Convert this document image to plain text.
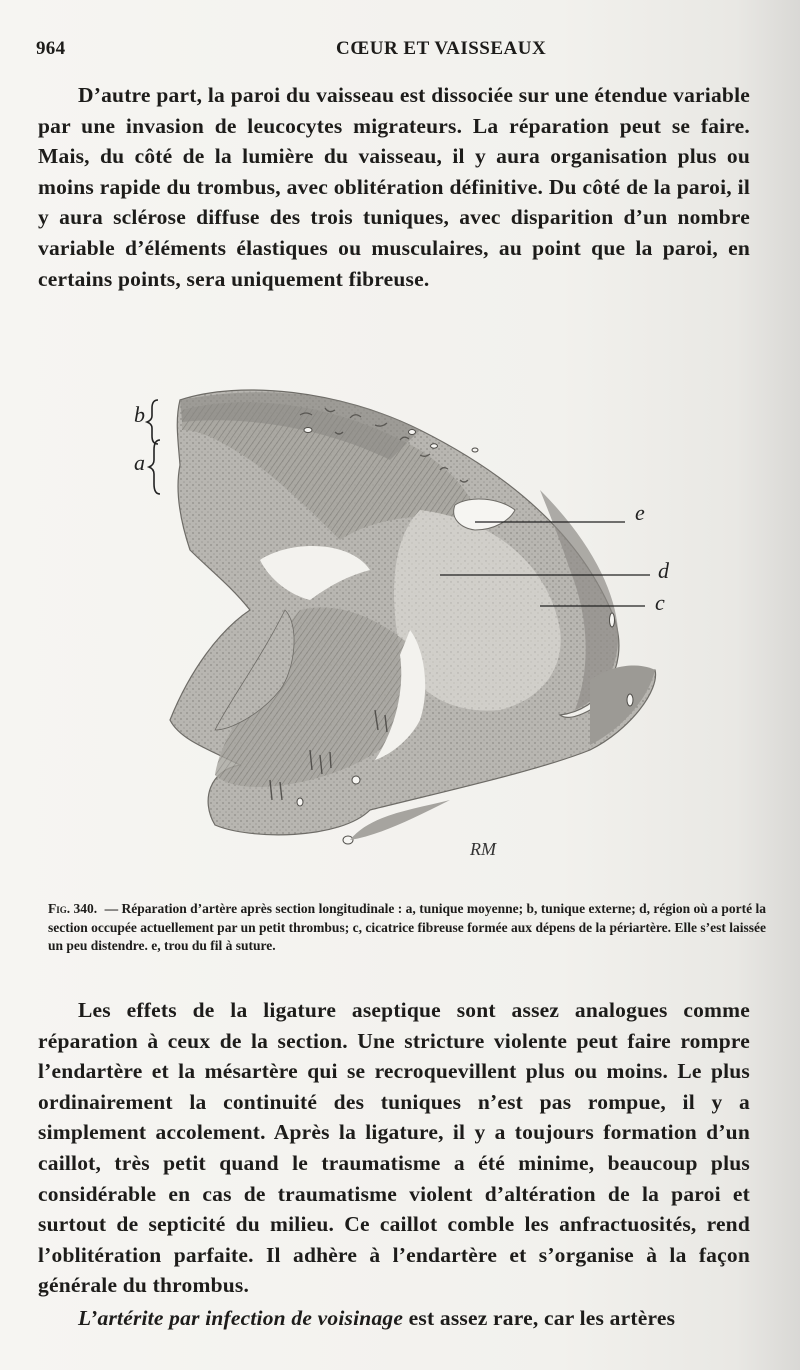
964	CŒUR ET VAISSEAUX

D’autre part, la paroi du vaisseau est dissociée sur une étendue variable par une invasion de leucocytes migrateurs. La réparation peut se faire. Mais, du côté de la lumière du vaisseau, il y aura organisation plus ou moins rapide du trombus, avec oblitération définitive. Du côté de la paroi, il y aura sclérose diffuse des trois tuniques, avec disparition d’un nombre variable d’éléments élastiques ou musculaires, au point que la paroi, en certains points, sera uniquement fibreuse.

b
a
e
d
c
RM

Fig. 340. — Réparation d’artère après section longitudinale : a, tunique moyenne; b, tunique externe; d, région où a porté la section occupée actuellement par un petit thrombus; c, cicatrice fibreuse formée aux dépens de la périartère. Elle s’est laissée un peu distendre. e, trou du fil à suture.

Les effets de la ligature aseptique sont assez analogues comme réparation à ceux de la section. Une stricture violente peut faire rompre l’endartère et la mésartère qui se recroquevillent plus ou moins. Le plus ordinairement la continuité des tuniques n’est pas rompue, il y a simplement accolement. Après la ligature, il y a toujours formation d’un caillot, très petit quand le traumatisme a été minime, beaucoup plus considérable en cas de traumatisme violent d’altération de la paroi et surtout de septicité du milieu. Ce caillot comble les anfractuosités, rend l’oblitération parfaite. Il adhère à l’endartère et s’organise à la façon générale du thrombus.

L’artérite par infection de voisinage est assez rare, car les artères
